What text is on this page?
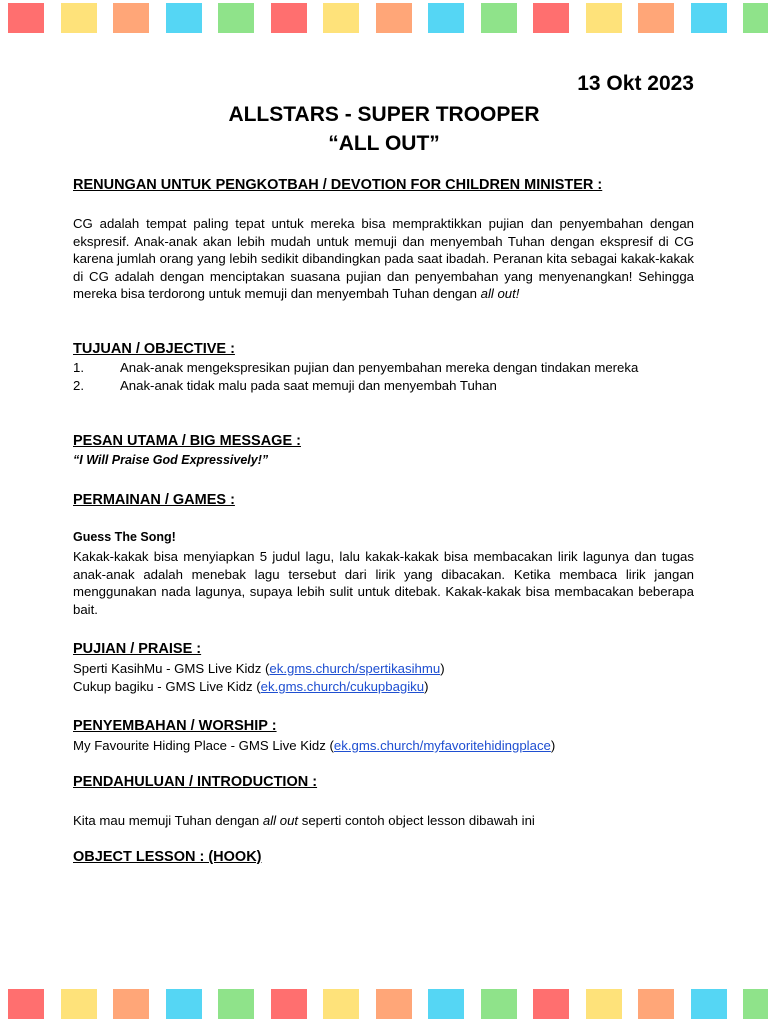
13 Okt 2023
ALLSTARS - SUPER TROOPER
“ALL OUT”
RENUNGAN UNTUK PENGKOTBAH / DEVOTION FOR CHILDREN MINISTER :
CG adalah tempat paling tepat untuk mereka bisa mempraktikkan pujian dan penyembahan dengan ekspresif. Anak-anak akan lebih mudah untuk memuji dan menyembah Tuhan dengan ekspresif di CG karena jumlah orang yang lebih sedikit dibandingkan pada saat ibadah. Peranan kita sebagai kakak-kakak di CG adalah dengan menciptakan suasana pujian dan penyembahan yang menyenangkan! Sehingga mereka bisa terdorong untuk memuji dan menyembah Tuhan dengan all out!
TUJUAN / OBJECTIVE :
1.	Anak-anak mengekspresikan pujian dan penyembahan mereka dengan tindakan mereka
2.	Anak-anak tidak malu pada saat memuji dan menyembah Tuhan
PESAN UTAMA / BIG MESSAGE :
“I Will Praise God Expressively!”
PERMAINAN / GAMES :
Guess The Song!
Kakak-kakak bisa menyiapkan 5 judul lagu, lalu kakak-kakak bisa membacakan lirik lagunya dan tugas anak-anak adalah menebak lagu tersebut dari lirik yang dibacakan. Ketika membaca lirik jangan menggunakan nada lagunya, supaya lebih sulit untuk ditebak. Kakak-kakak bisa membacakan beberapa bait.
PUJIAN / PRAISE :
Sperti KasihMu - GMS Live Kidz (ek.gms.church/spertikasihmu)
Cukup bagiku - GMS Live Kidz (ek.gms.church/cukupbagiku)
PENYEMBAHAN / WORSHIP :
My Favourite Hiding Place - GMS Live Kidz (ek.gms.church/myfavoritehidingplace)
PENDAHULUAN / INTRODUCTION :
Kita mau memuji Tuhan dengan all out seperti contoh object lesson dibawah ini
OBJECT LESSON : (HOOK)
